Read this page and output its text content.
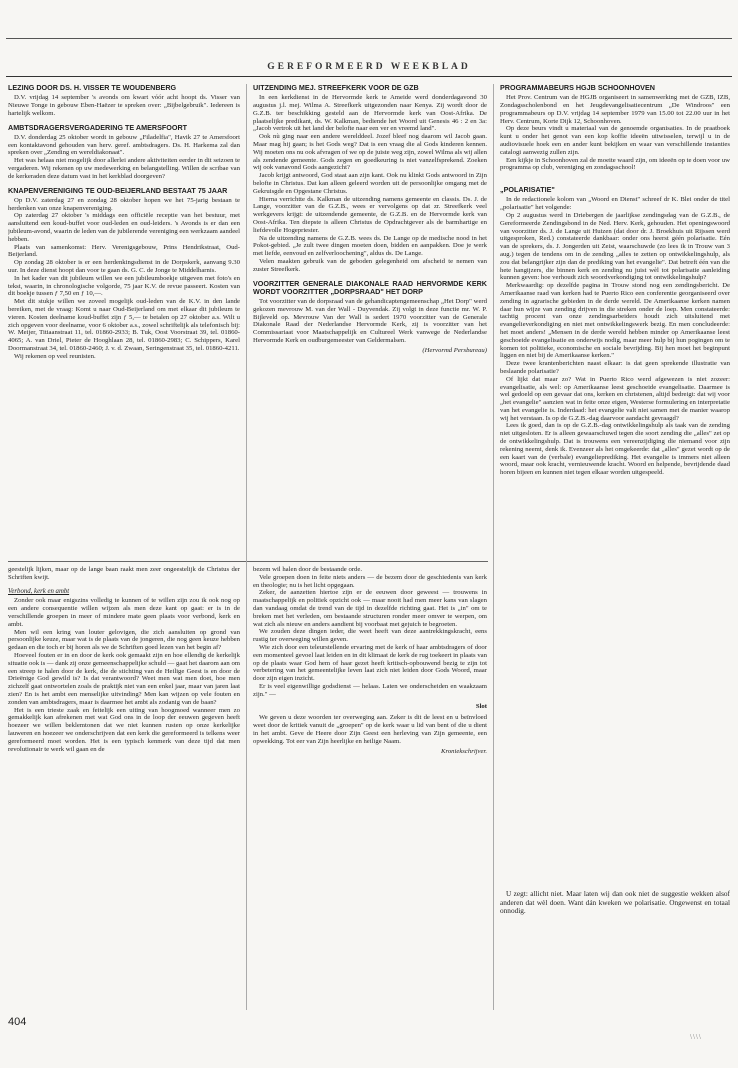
GEREFORMEERD WEEKBLAD
LEZING DOOR DS. H. VISSER TE WOUDENBERG

D.V. vrijdag 14 september 's avonds om kwart vóór acht hoopt ds. Visser van Nieuwe Tonge in gebouw Eben-Haëzer te spreken over: „Bijbelgebruik". Iedereen is hartelijk welkom.

AMBTSDRAGERSVERGADERING TE AMERSFOORT

D.V. donderdag 25 oktober wordt in gebouw „Filadelfia", Havik 27 te Amersfoort een kontaktavond gehouden van herv. geref. ambtsdragers. Ds. H. Harkema zal dan spreken over „Zending en wereldiakonaat".

Het was helaas niet mogelijk door allerlei andere aktiviteiten eerder in dit seizoen te vergaderen. Wij rekenen op uw medewerking en belangstelling. Willen de scribae van de kerkeraden deze datum vast in het kerkblad doorgeven?

KNAPENVERENIGING TE OUD-BEIJERLAND BESTAAT 75 JAAR

Op D.V. zaterdag 27 en zondag 28 oktober hopen we het 75-jarig bestaan te herdenken van onze knapenvereniging.

Op zaterdag 27 oktober 's middags een officiële receptie van het bestuur, met aansluitend een koud-buffet voor oud-leden en oud-leiders. 's Avonds is er dan een jubileum-avond, waarin de leden van de jubilerende vereniging een werkzaam aandeel hebben.

Plaats van samenkomst: Herv. Verenigsgebouw, Prins Hendrikstraat, Oud-Beijerland.

Op zondag 28 oktober is er een herdenkingsdienst in de Dorpskerk, aanvang 9.30 uur. In deze dienst hoopt dan voor te gaan ds. G. C. de Jonge te Middelharnis.

In het kader van dit jubileum willen we een jubileumboekje uitgeven met foto's en tekst, waarin, in chronologische volgorde, 75 jaar K.V. de revue passeert. Kosten van dit boekje tussen ƒ 7,50 en ƒ 10,—.

Met dit stukje willen we zoveel mogelijk oud-leden van de K.V. in den lande bereiken, met de vraag: Komt u naar Oud-Beijerland om met elkaar dit jubileum te vieren. Kosten deelname koud-buffet zijn ƒ 5,— te betalen op 27 oktober a.s. Wilt u zich opgeven voor deelname, voor 6 oktober a.s., zowel schriftelijk als telefonisch bij: W. Meijer, Titiaanstraat 11, tel. 01860-2933; B. Tuk, Oost Voorstraat 39, tel. 01860-4065; A. van Driel, Pieter de Hooghlaan 28, tel. 01860-2983; C. Schippers, Karel Doormanstraat 34, tel. 01860-2460; J. v. d. Zwaan, Seringenstraat 35, tel. 01860-4211.

Wij rekenen op veel reunisten.

UITZENDING MEJ. STREEFKERK VOOR DE GZB

In een kerkdienst in de Hervormde kerk te Ameide werd donderdagavond 30 augustus j.l. mej. Wilma A. Streefkerk uitgezonden naar Kenya. Zij wordt door de G.Z.B. ter beschikking gesteld aan de Hervormde kerk van Oost-Afrika. De plaatselijke predikant, ds. W. Kalkman, bediende het Woord uit Genesis 46 : 2 en 3a: „Jacob vertrok uit het land der belofte naar een ver en vreemd land".

Ook nù ging naar een andere werelddeel. Jozef bleef nog daarom wil Jacob gaan. Maar mag hij gaan; is het Gods weg? Dat is een vraag die al Gods kinderen kennen. Wij moeten ons nu ook afvragen of we op de juiste weg zijn, zowel Wilma als wij allen als zendende gemeente. Gods zegen en goedkeuring is niet vanzelfsprekend. Zoeken wij ook vanavond Gods aangezicht?

Jacob krijgt antwoord, God staat aan zijn kant. Ook nu klinkt Gods antwoord in Zijn belofte in Christus. Dat kan alleen geleerd worden uit de persoonlijke omgang met de Gekruisgde en Opgestane Christus.

Hierna verrichtte ds. Kalkman de uitzending namens gemeente en classis. Ds. J. de Lange, voorzitter van de G.Z.B., wees er vervolgens op dat zr. Streefkerk veel werkgevers krijgt: de uitzendende gemeente, de G.Z.B. en de Hervormde kerk van Oost-Afrika. Ten diepste is alleen Christus de Opdrachtgever als de barmhartige en liefdevolle Hogepriester.

Na de uitzending namens de G.Z.B. wees ds. De Lange op de medische nood in het Pokot-gebied. „Je zult twee dingen moeten doen, bidden en aanpakken. Doe je werk met liefde, eenvoud en zelfverloochening", aldus ds. De Lange.

Velen maakten gebruik van de geboden gelegenheid om afscheid te nemen van zuster Streefkerk.

VOORZITTER GENERALE DIAKONALE RAAD HERVORMDE KERK WORDT VOORZITTER „DORPSRAAD" HET DORP

Tot voorzitter van de dorpsraad van de gehandicaptengemeenschap „Het Dorp" werd gekozen mevrouw M. van der Wall - Duyvendak. Zij volgt in deze functie mr. W. P. Bijleveld op. Mevrouw Van der Wall is sedert 1970 voorzitter van de Generale Diakonale Raad der Nederlandse Hervormde Kerk, zij is voorzitter van het Commissariaat voor Maatschappelijk en Cultureel Werk vanwege de Nederlandse Hervormde Kerk en oudburgemeester van Geldermalsen.

(Hervormd Persbureau)

PROGRAMMABEURS HGJB SCHOONHOVEN

Het Prov. Centrum van de HGJB organiseert in samenwerking met de GZB, IZB, Zondagsscholenbond en het Jeugdevangelisatiecentrum „De Windroos" een programmabeurs op D.V. vrijdag 14 september 1979 van 15.00 tot 22.00 uur in het Herv. Centrum, Korte Dijk 12, Schoonhoven.

Op deze beurs vindt u materiaal van de genoemde organisaties. In de praatboek kunt u onder het genot van een kop koffie ideeën uitwisselen, terwijl u in de audiovisuele hoek een en ander kunt bekijken en waar van verschillende instanties catalogi aanwezig zullen zijn.

Een kijkje in Schoonhoven zal de moeite waard zijn, om ideeën op te doen voor uw programma op club, vereniging en zondagsschool!

„POLARISATIE"

In de redactionele kolom van „Woord en Dienst" schreef dr K. Blei onder de titel „polarisatie" het volgende:

Op 2 augustus werd in Driebergen de jaarlijkse zendingsdag van de G.Z.B., de Gereformeerde Zendingsbond in de Ned. Herv. Kerk, gehouden. Het openingswoord van voorzitter ds. J. de Lange uit Huizen (dat door dr. J. Broekhuis uit Rijssen werd uitgesproken, Red.) constateerde dankbaar: onder ons heerst géén polarisatie. Eén van de sprekers, ds. J. Jongerden uit Zeist, waarschuwde (zo lees ik in Trouw van 3 aug.) tegen de tendens om in de zending „alles te zetten op ontwikkelingshulp, als zou dat belangrijker zijn dan de prediking van het evangelie". Dat betreft één van die hete hangijzers, die binnen kerk en zending nu juist wèl tot polarisatie aanleiding kunnen geven: hoe verhoudt zich woordverkondiging tot ontwikkelingshulp?

Merkwaardig: op dezelfde pagina in Trouw stond nog een zendingsbericht. De Amerikaanse raad van kerken had te Puerto Rico een conferentie georganiseerd over zending in agrarische gebieden in de derde wereld. De Amerikaanse kerken namen daar hun wijze van zending drijven in die streken onder de loep. Men constateerde: tachtig procent van onze zendingsarbeiders houdt zich uitsluitend met evangelieverkondiging en niet met ontwikkelingswerk bezig. En men concludeerde: het moet anders! „Mensen in de derde wereld hebben minder op Amerikaanse leest geschoeide evangelisatie en onderwijs nodig, maar meer hulp bij hun pogingen om te komen tot politieke, economische en sociale bevrijding. Bij hen moet het beginpunt liggen en niet bij de Amerikaanse kerken."

Deze twee krantenberichten naast elkaar: is dat geen sprekende illustratie van beslaande polarisatie?

Of lijkt dat maar zo? Wat in Puerto Rico werd afgewezen is niet zozeer: evangelisatie, als wel: op Amerikaanse leest geschoeide evangelisatie. Daarmee is wel gedoeld op een gevaar dat ons, kerken en christenen, altijd bedreigt: dat wij voor „het evangelie" aanzien wat in feite onze eigen, Westerse formulering en interpretatie van het evangelie is. Inderdaad: het evangelie valt niet samen met de manier waarop wij het verstaan. Is op de G.Z.B.-dag daarvoor aandacht gevraagd?

Lees ik goed, dan is op de G.Z.B.-dag ontwikkelingshulp als taak van de zending niet uitgesloten. Er is alleen gewaarschuwd tegen die soort zending die „alles" zet op de ontwikkelingshulp. Dat is trouwens een vereenzijdiging die niemand voor zijn rekening neemt, denk ik. Evenzeer als het omgekeerde: dat „alles" gezet wordt op de een kaart van de (verbale) evangelieprediking. Het evangelie is immers niet alleen woord, maar ook kracht, vernieuwende kracht. Woord en helpende, bevrijdende daad horen bijeen en kunnen niet tegen elkaar worden uitgespeeld.

U zegt: allicht niet. Maar laten wij dan ook niet de suggestie wekken alsof anderen dat wèl doen. Want dán kweken we polarisatie. Ongewenst en totaal onnodig.

geestelijk lijken, maar op de lange baan raakt men zeer ongeestelijk de Christus der Schriften kwijt.

Verbond, kerk en ambt

Zonder ook maar enigszins volledig te kunnen of te willen zijn zou ik ook nog op een andere consequentie willen wijzen als men deze kant op gaat: er is in de verschillende groepen in meer of mindere mate geen plaats voor verbond, kerk en ambt.

Men wil een kring van louter gelovigen, die zich aansluiten op grond van persoonlijke keuze, maar wat is de plaats van de jongeren, die nog geen keuze hebben gedaan en die toch er bij horen als we de Schriften goed lezen van het begin af?

Hoeveel fouten er in en door de kerk ook gemaakt zijn en hoe ellendig de kerkelijk situatie ook is — dank zij onze gemeenschappelijke schuld — gaat het daarom aan om een streep te halen door de kerk, die de stichting van de Heilige Geest is en door de Drieënige God gewild is? Is dat verantwoord? Weet men wat men doet, hoe men zichzelf gaat ontwortelen zoals de praktijk niet van een enkel jaar, maar van jaren laat zien? En is het ambt een menselijke uitvinding? Men kan wijzen op vele fouten en zonden van ambtsdragers, maar is daarmee het ambt als zodanig van de baan?

Het is een trieste zaak en feitelijk een uiting van hoogmoed wanneer men zo gemakkelijk kan afrekenen met wat God ons in de loop der eeuwen gegeven heeft hoezeer we willen beklemtonen dat we niet kunnen rusten op onze kerkelijke lauweren en hoezeer we onderschrijven dat een kerk die gereformeerd is telkens weer gereformeerd moet worden. Het is een typisch kenmerk van deze tijd dat men revolutionair te werk wil gaan en de

bezem wil halen door de bestaande orde.

Vele groepen doen in feite niets anders — de bezem door de geschiedenis van kerk en theologie; nu is het licht opgegaan.

Zeker, de aanzetten hiertoe zijn er de eeuwen door geweest — trouwens in maatschappelijk en politiek opzicht ook — maar nooit had men meer kans van slagen dan vandaag omdat de trend van de tijd in dezelfde richting gaat. Het is „in" om te breken met het verleden, om bestaande structuren ronder meer omver te werpen, om wat zich als nieuw en anders aandient bij voorbaat met gejuich te begroeten.

We zouden deze dingen ieder, die weet heeft van deze aantrekkingskracht, eens rustig ter overweging willen geven.

Wie zich door een teleurstellende ervaring met de kerk of haar ambtsdragers of door een momenteel gevoel laat leiden en in dit klimaat de kerk de rug toekeert in plaats van op de plaats waar God hem of haar gezet heeft kritisch-opbouwend bezig te zijn tot verbetering van het gemeentelijke leven laat zich niet leiden door Gods Woord, maar door zijn eigen inzicht.

Er is veel eigenwillige godsdienst — helaas. Laten we onderscheiden en waakzaam zijn." —

Slot

We geven u deze woorden ter overweging aan. Zeker is dit de leest en u beïnvloed weet door de kritiek vanuit de „groepen" op de kerk waar u lid van bent of die u dient in het ambt. Geve de Heere door Zijn Geest een herleving van Zijn gemeente, een opwekking. Tot eer van Zijn heerlijke en heilige Naam.

Kroniekschrijver.

404
\\\\
